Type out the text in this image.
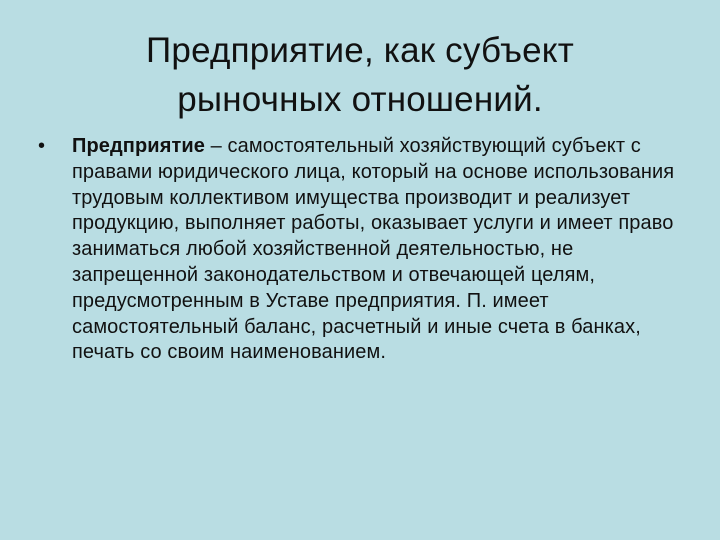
Предприятие, как субъект
рыночных отношений.
•	Предприятие – самостоятельный хозяйствующий субъект с правами юридического лица, который на основе использования трудовым коллективом имущества производит и реализует продукцию, выполняет работы, оказывает услуги и имеет право заниматься любой хозяйственной деятельностью, не запрещенной законодательством и отвечающей целям, предусмотренным в Уставе предприятия. П. имеет самостоятельный баланс, расчетный и иные счета в банках, печать со своим наименованием.
